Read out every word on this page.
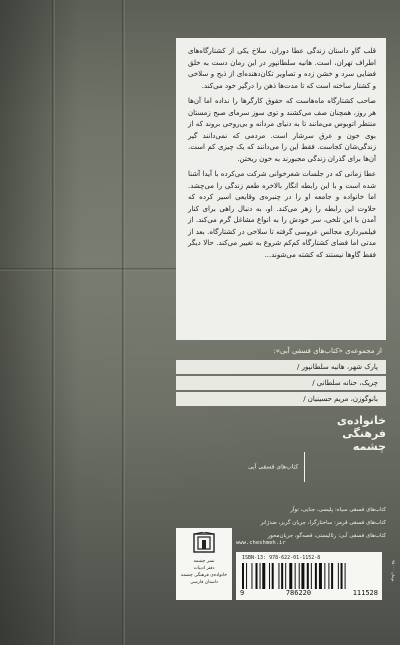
قلب گاو داستان زندگی عطا دوران، سلاخ یکی از کشتارگاه‌های اطراف تهران، است. هانیه سلطانپور در این رمان دست به خلق فضایی سرد و خشن زده و تصاویر تکان‌دهنده‌ای از ذبح و سلاخی و کشتار ساخته است که تا مدت‌ها ذهن را درگیر خود می‌کند.

صاحب کشتارگاه ماه‌هاست که حقوق کارگرها را نداده اما آن‌ها هر روز، همچنان صف می‌کشند و توی سوز سرمای صبح زمستان منتظر اتوبوس می‌مانند تا به دنیای مردانه و بی‌روحی بروند که از بوی خون و عرق سرشار است. مردمی که نمی‌دانند گیر زندگی‌شان کجاست. فقط این را می‌دانند که یک چیزی کم است. آن‌ها برای گذران زندگی مجبورند به خون ریختن.

عطا زمانی که در جلسات شعرخوانی شرکت می‌کرده با آیدا آشنا شده است و با این رابطه انگار بالاخره طعم زندگی را می‌چشد. اما خانواده و جامعه او را در چنبره‌ی وقایعی اسیر کرده که حلاوت این رابطه را زهر می‌کند. او، به دنبال راهی برای کنار آمدن با این تلخی، سر خودش را به انواع مشاغل گرم می‌کند. از فیلمبرداری مجالس عروسی گرفته تا سلاخی در کشتارگاه. بعد از مدتی اما فضای کشتارگاه کم‌کم شروع به تغییر می‌کند. حالا دیگر فقط گاوها نیستند که کشته می‌شوند...

از مجموعه‌ی «کتاب‌های فسقی آبی»:
پارک شهر، هانیه سلطانپور /
چریک، حنانه سلطانی /
بانوگوزن، مریم حسینیان /
خانواده‌ی
فرهنگی
چشمه
کتاب‌های فسقی آبی
کتاب‌های فسقی سیاه: پلیسی، جنایی، نوآر
کتاب‌های فسقی قرمز: ساختارگرا، جریان گریز، ضدژانر
کتاب‌های فسقی آبی: رئالیستی، قصه‌گو، جریان‌محور
www.cheshmeh.ir
نشر چشمه
دفتر ادبیات
خانواده‌ی فرهنگی چشمه
داستان فارسی
ISBN-13: 978-622-01-1152-8
9	786220	111528
۹۵۰۰۰ تومان
